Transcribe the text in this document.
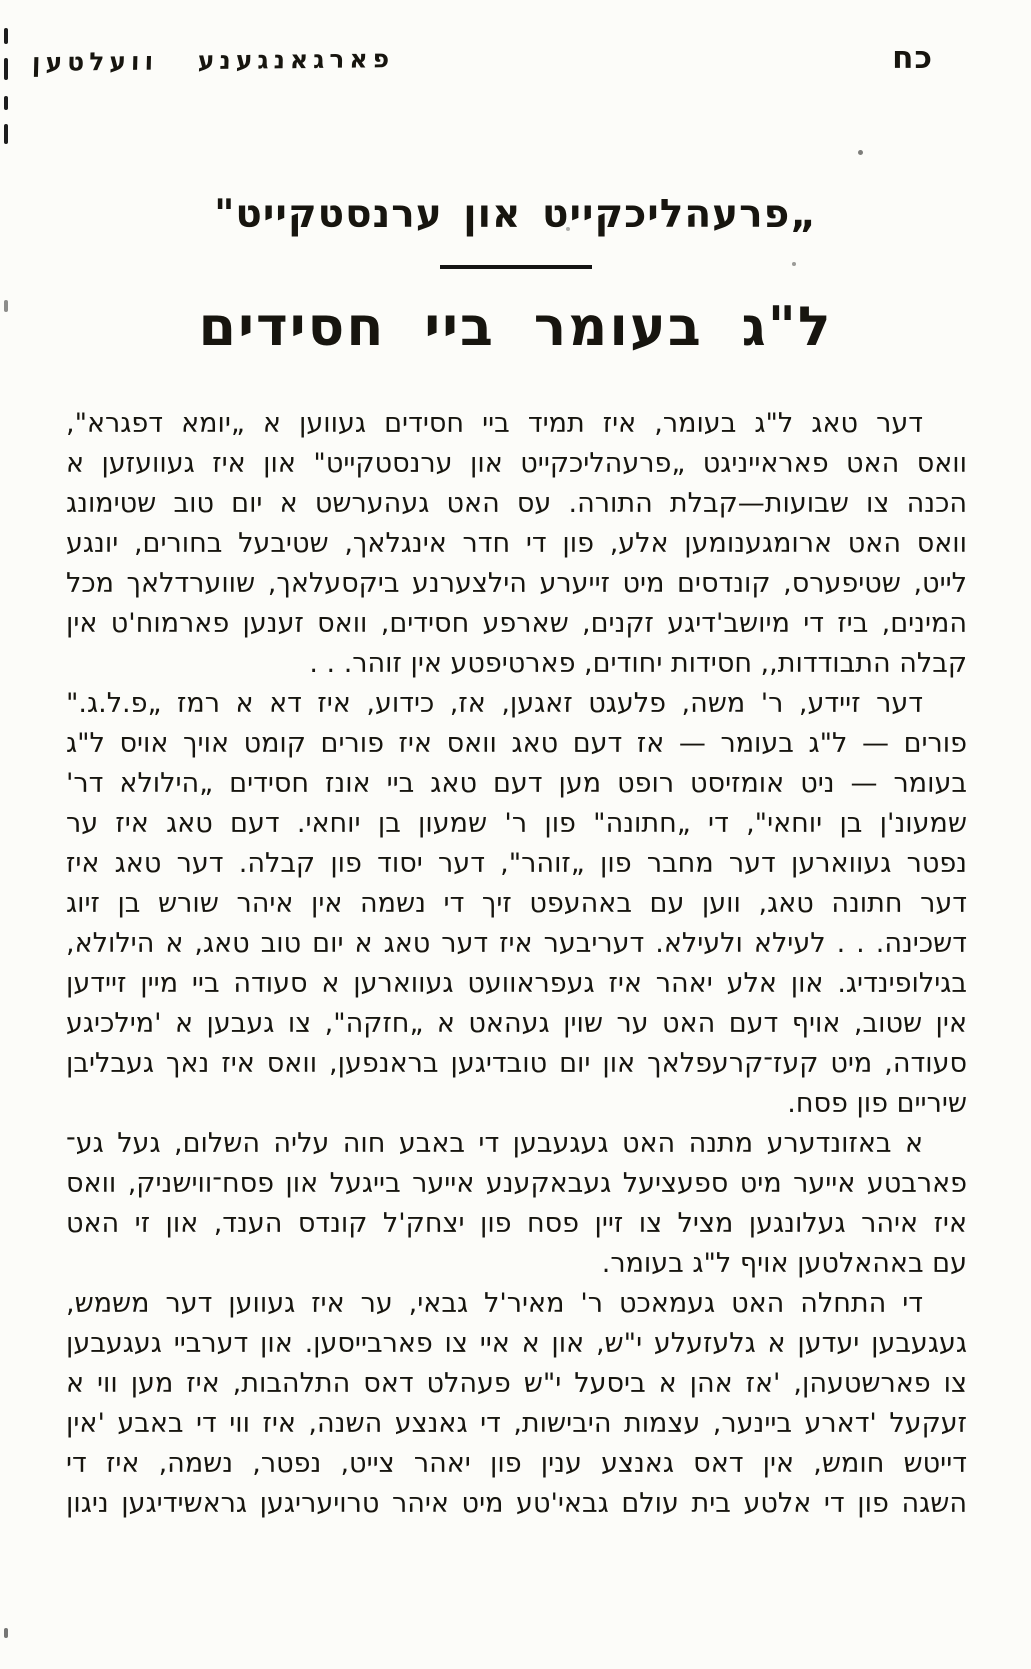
פארגאנגענע וועלטען	כח
„פרעהליכקייט און ערנסטקייט"
ל"ג בעומר ביי חסידים
דער טאג ל"ג בעומר, איז תמיד ביי חסידים געווען א „יומא דפגרא",
וואס האט פאראייניגט „פרעהליכקייט און ערנסטקייט" און איז געוועזען א
הכנה צו שבועות—קבלת התורה. עס האט געהערשט א יום טוב שטימונג
וואס האט ארומגענומען אלע, פון די חדר אינגלאך, שטיבעל בחורים, יונגע
לייט, שטיפערס, קונדסים מיט זייערע הילצערנע ביקסעלאך, שווערדלאך מכל
המינים, ביז די מיושב'דיגע זקנים, שארפע חסידים, וואס זענען פארמוח'ט אין
קבלה התבודדות,, חסידות יחודים, פארטיפטע אין זוהר. . .
דער זיידע, ר' משה, פלעגט זאגען, אז, כידוע, איז דא א רמז „פ.ל.ג."
פורים — ל"ג בעומר — אז דעם טאג וואס איז פורים קומט אויך אויס ל"ג
בעומר — ניט אומזיסט רופט מען דעם טאג ביי אונז חסידים „הילולא דר'
שמעונ'ן בן יוחאי", די „חתונה" פון ר' שמעון בן יוחאי. דעם טאג איז ער
נפטר געווארען דער מחבר פון „זוהר", דער יסוד פון קבלה. דער טאג איז
דער חתונה טאג, ווען עם באהעפט זיך די נשמה אין איהר שורש בן זיוג
דשכינה. . . לעילא ולעילא. דעריבער איז דער טאג א יום טוב טאג, א הילולא,
בגילופינדיג. און אלע יאהר איז געפראוועט געווארען א סעודה ביי מיין זיידען
אין שטוב, אויף דעם האט ער שוין געהאט א „חזקה", צו געבען א 'מילכיגע
סעודה, מיט קעז־קרעפלאך און יום טובדיגען בראנפען, וואס איז נאך געבליבן
שיריים פון פסח.
א באזונדערע מתנה האט געגעבען די באבע חוה עליה השלום, געל גע־
פארבטע אייער מיט ספעציעל געבאקענע אייער בייגעל און פסח־ווישניק, וואס
איז איהר געלונגען מציל צו זיין פסח פון יצחק'ל קונדס הענד, און זי האט
עם באהאלטען אויף ל"ג בעומר.
די התחלה האט געמאכט ר' מאיר'ל גבאי, ער איז געווען דער משמש,
געגעבען יעדען א גלעזעלע י"ש, און א איי צו פארבייסען. און דערביי געגעבען
צו פארשטעהן, 'אז אהן א ביסעל י"ש פעהלט דאס התלהבות, איז מען ווי א
זעקעל 'דארע ביינער, עצמות היבישות, די גאנצע השנה, איז ווי די באבע 'אין
דייטש חומש, אין דאס גאנצע ענין פון יאהר צייט, נפטר, נשמה, איז די
השגה פון די אלטע בית עולם גבאי'טע מיט איהר טרויעריגען גראשידיגען ניגון
